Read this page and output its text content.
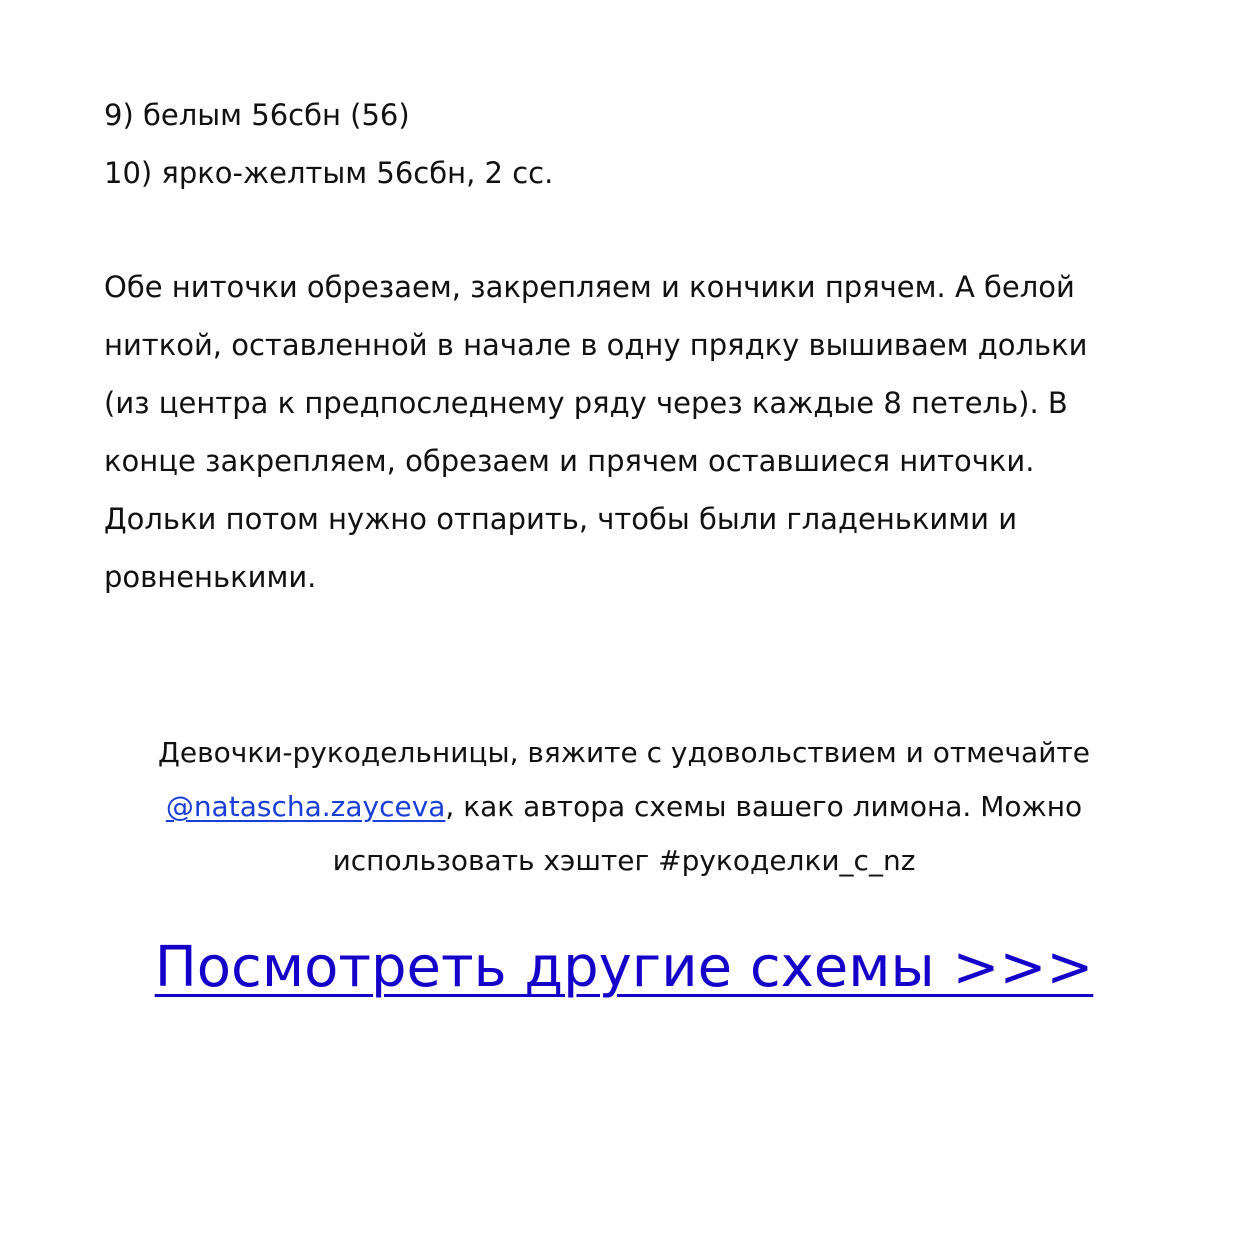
9) белым 56сбн (56)
10) ярко-желтым 56сбн, 2 сс.
Обе ниточки обрезаем, закрепляем и кончики прячем. А белой
ниткой, оставленной в начале в одну прядку вышиваем дольки
(из центра к предпоследнему ряду через каждые 8 петель). В
конце закрепляем, обрезаем и прячем оставшиеся ниточки.
Дольки потом нужно отпарить, чтобы были гладенькими и
ровненькими.
Девочки-рукодельницы, вяжите с удовольствием и отмечайте
@natascha.zayceva, как автора схемы вашего лимона. Можно
использовать хэштег #рукоделки_с_nz
Посмотреть другие схемы >>>
